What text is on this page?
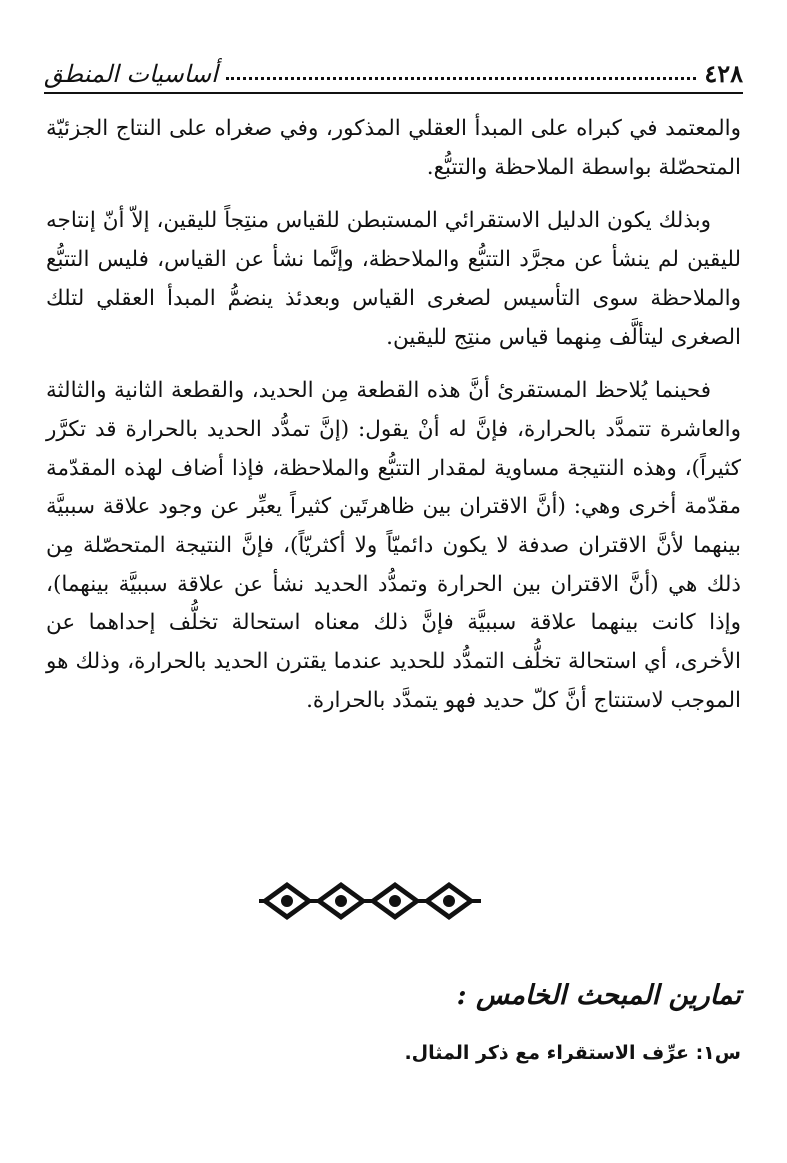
٤٢٨
أساسيات المنطق

والمعتمد في كبراه على المبدأ العقلي المذكور، وفي صغراه على النتاج الجزئيّة المتحصّلة بواسطة الملاحظة والتتبُّع.

وبذلك يكون الدليل الاستقرائي المستبطن للقياس منتِجاً لليقين، إلاّ أنّ إنتاجه لليقين لم ينشأ عن مجرَّد التتبُّع والملاحظة، وإنَّما نشأ عن القياس، فليس التتبُّع والملاحظة سوى التأسيس لصغرى القياس وبعدئذ ينضمُّ المبدأ العقلي لتلك الصغرى ليتألَّف مِنهما قياس منتِج لليقين.

فحينما يُلاحظ المستقرئ أنَّ هذه القطعة مِن الحديد، والقطعة الثانية والثالثة والعاشرة تتمدَّد بالحرارة، فإنَّ له أنْ يقول: (إنَّ تمدُّد الحديد بالحرارة قد تكرَّر كثيراً)، وهذه النتيجة مساوية لمقدار التتبُّع والملاحظة، فإذا أضاف لهذه المقدّمة مقدّمة أخرى وهي: (أنَّ الاقتران بين ظاهرتَين كثيراً يعبِّر عن وجود علاقة سببيَّة بينهما لأنَّ الاقتران صدفة لا يكون دائميّاً ولا أكثريّاً)، فإنَّ النتيجة المتحصّلة مِن ذلك هي (أنَّ الاقتران بين الحرارة وتمدُّد الحديد نشأ عن علاقة سببيَّة بينهما)، وإذا كانت بينهما علاقة سببيَّة فإنَّ ذلك معناه استحالة تخلُّف إحداهما عن الأخرى، أي استحالة تخلُّف التمدُّد للحديد عندما يقترن الحديد بالحرارة، وذلك هو الموجب لاستنتاج أنَّ كلّ حديد فهو يتمدَّد بالحرارة.

تمارين المبحث الخامس :
س١: عرِّف الاستقراء مع ذكر المثال.
